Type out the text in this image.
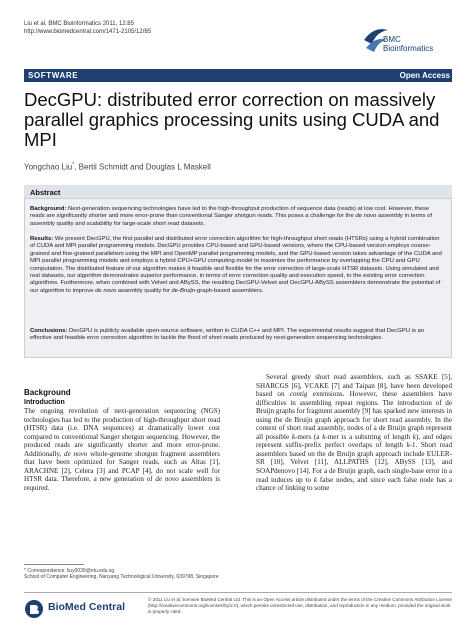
Liu et al. BMC Bioinformatics 2011, 12:85
http://www.biomedcentral.com/1471-2105/12/85
BMC
Bioinformatics
SOFTWARE	Open Access
DecGPU: distributed error correction on massively parallel graphics processing units using CUDA and MPI
Yongchao Liu*, Bertil Schmidt and Douglas L Maskell
Abstract
Background: Next-generation sequencing technologies have led to the high-throughput production of sequence data (reads) at low cost. However, these reads are significantly shorter and more error-prone than conventional Sanger shotgun reads. This poses a challenge for the de novo assembly in terms of assembly quality and scalability for large-scale short read datasets.
Results: We present DecGPU, the first parallel and distributed error correction algorithm for high-throughput short reads (HTSRs) using a hybrid combination of CUDA and MPI parallel programming models. DecGPU provides CPU-based and GPU-based versions, where the CPU-based version employs coarse-grained and fine-grained parallelism using the MPI and OpenMP parallel programming models, and the GPU-based version takes advantage of the CUDA and MPI parallel programming models and employs a hybrid CPU+GPU computing model to maximize the performance by overlapping the CPU and GPU computation. The distributed feature of our algorithm makes it feasible and flexible for the error correction of large-scale HTSR datasets. Using simulated and real datasets, our algorithm demonstrates superior performance, in terms of error correction quality and execution speed, to the existing error correction algorithms. Furthermore, when combined with Velvet and ABySS, the resulting DecGPU-Velvet and DecGPU-ABySS assemblers demonstrate the potential of our algorithm to improve de novo assembly quality for de-Bruijn-graph-based assemblers.
Conclusions: DecGPU is publicly available open-source software, written in CUDA C++ and MPI. The experimental results suggest that DecGPU is an effective and feasible error correction algorithm to tackle the flood of short reads produced by next-generation sequencing technologies.
Background
Introduction
The ongoing revolution of next-generation sequencing (NGS) technologies has led to the production of high-throughput short read (HTSR) data (i.e. DNA sequences) at dramatically lower cost compared to conventional Sanger shotgun sequencing. However, the produced reads are significantly shorter and more error-prone. Additionally, de novo whole-genome shotgun fragment assemblers that have been optimized for Sanger reads, such as Altas [1], ARACHNE [2], Celera [3] and PCAP [4], do not scale well for HTSR data. Therefore, a new generation of de novo assemblers is required.
Several greedy short read assemblers, such as SSAKE [5], SHARCGS [6], VCAKE [7] and Taipan [8], have been developed based on contig extensions. However, these assemblers have difficulties in assembling repeat regions. The introduction of de Bruijn graphs for fragment assembly [9] has sparked new interests in using the de Bruijn graph approach for short read assembly. In the context of short read assembly, nodes of a de Bruijn graph represent all possible k-mers (a k-mer is a substring of length k), and edges represent suffix-prefix perfect overlaps of length k-1. Short read assemblers based on the de Bruijn graph approach include EULER-SR [10], Velvet [11], ALLPATHS [12], ABySS [13], and SOAPdenovo [14]. For a de Bruijn graph, each single-base error in a read induces up to k false nodes, and since each false node has a chance of linking to some
* Correspondence: liuy0039@ntu.edu.sg
School of Computer Engineering, Nanyang Technological University, 639798, Singapore
BioMed Central
© 2011 Liu et al; licensee BioMed Central Ltd. This is an Open Access article distributed under the terms of the Creative Commons Attribution License (http://creativecommons.org/licenses/by/2.0), which permits unrestricted use, distribution, and reproduction in any medium, provided the original work is properly cited.
